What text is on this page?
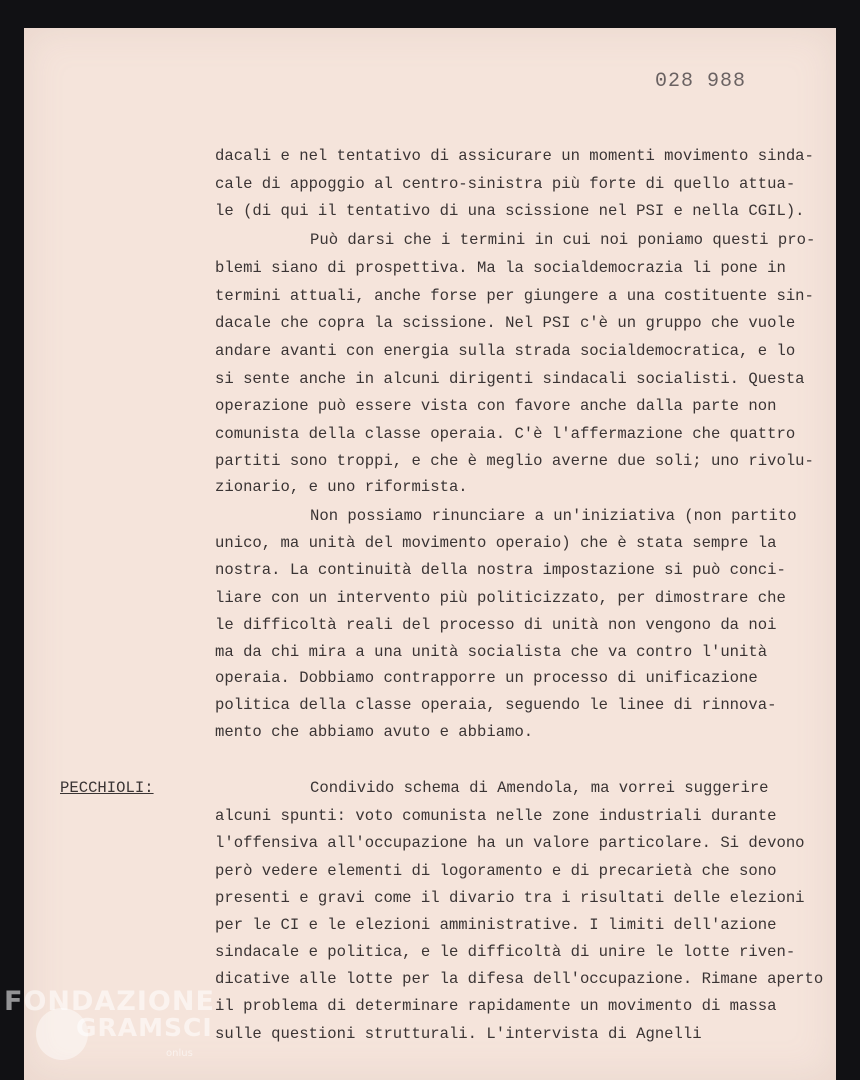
028 988
dacali e nel tentativo di assicurare un momenti movimento sinda-
cale di appoggio al centro-sinistra più forte di quello attua-
le (di qui il tentativo di una scissione nel PSI e nella CGIL).
Può darsi che i termini in cui noi poniamo questi pro-
blemi siano di prospettiva. Ma la socialdemocrazia li pone in
termini attuali, anche forse per giungere a una costituente sin-
dacale che copra la scissione. Nel PSI c'è un gruppo che vuole
andare avanti con energia sulla strada socialdemocratica, e lo
si sente anche in alcuni dirigenti sindacali socialisti. Questa
operazione può essere vista con favore anche dalla parte non
comunista della classe operaia. C'è l'affermazione che quattro
partiti sono troppi, e che è meglio averne due soli; uno rivolu-
zionario, e uno riformista.
Non possiamo rinunciare a un'iniziativa (non partito
unico, ma unità del movimento operaio) che è stata sempre la
nostra. La continuità della nostra impostazione si può conci-
liare con un intervento più politicizzato, per dimostrare che
le difficoltà reali del processo di unità non vengono da noi
ma da chi mira a una unità socialista che va contro l'unità
operaia. Dobbiamo contrapporre un processo di unificazione
politica della classe operaia, seguendo le linee di rinnova-
mento che abbiamo avuto e abbiamo.
PECCHIOLI:	Condivido schema di Amendola, ma vorrei suggerire
alcuni spunti: voto comunista nelle zone industriali durante
l'offensiva all'occupazione ha un valore particolare. Si devono
però vedere elementi di logoramento e di precarietà che sono
presenti e gravi come il divario tra i risultati delle elezioni
per le CI e le elezioni amministrative. I limiti dell'azione
sindacale e politica, e le difficoltà di unire le lotte riven-
dicative alle lotte per la difesa dell'occupazione. Rimane aperto
il problema di determinare rapidamente un movimento di massa
sulle questioni strutturali. L'intervista di Agnelli
FONDAZIONE
GRAMSCI
onlus
